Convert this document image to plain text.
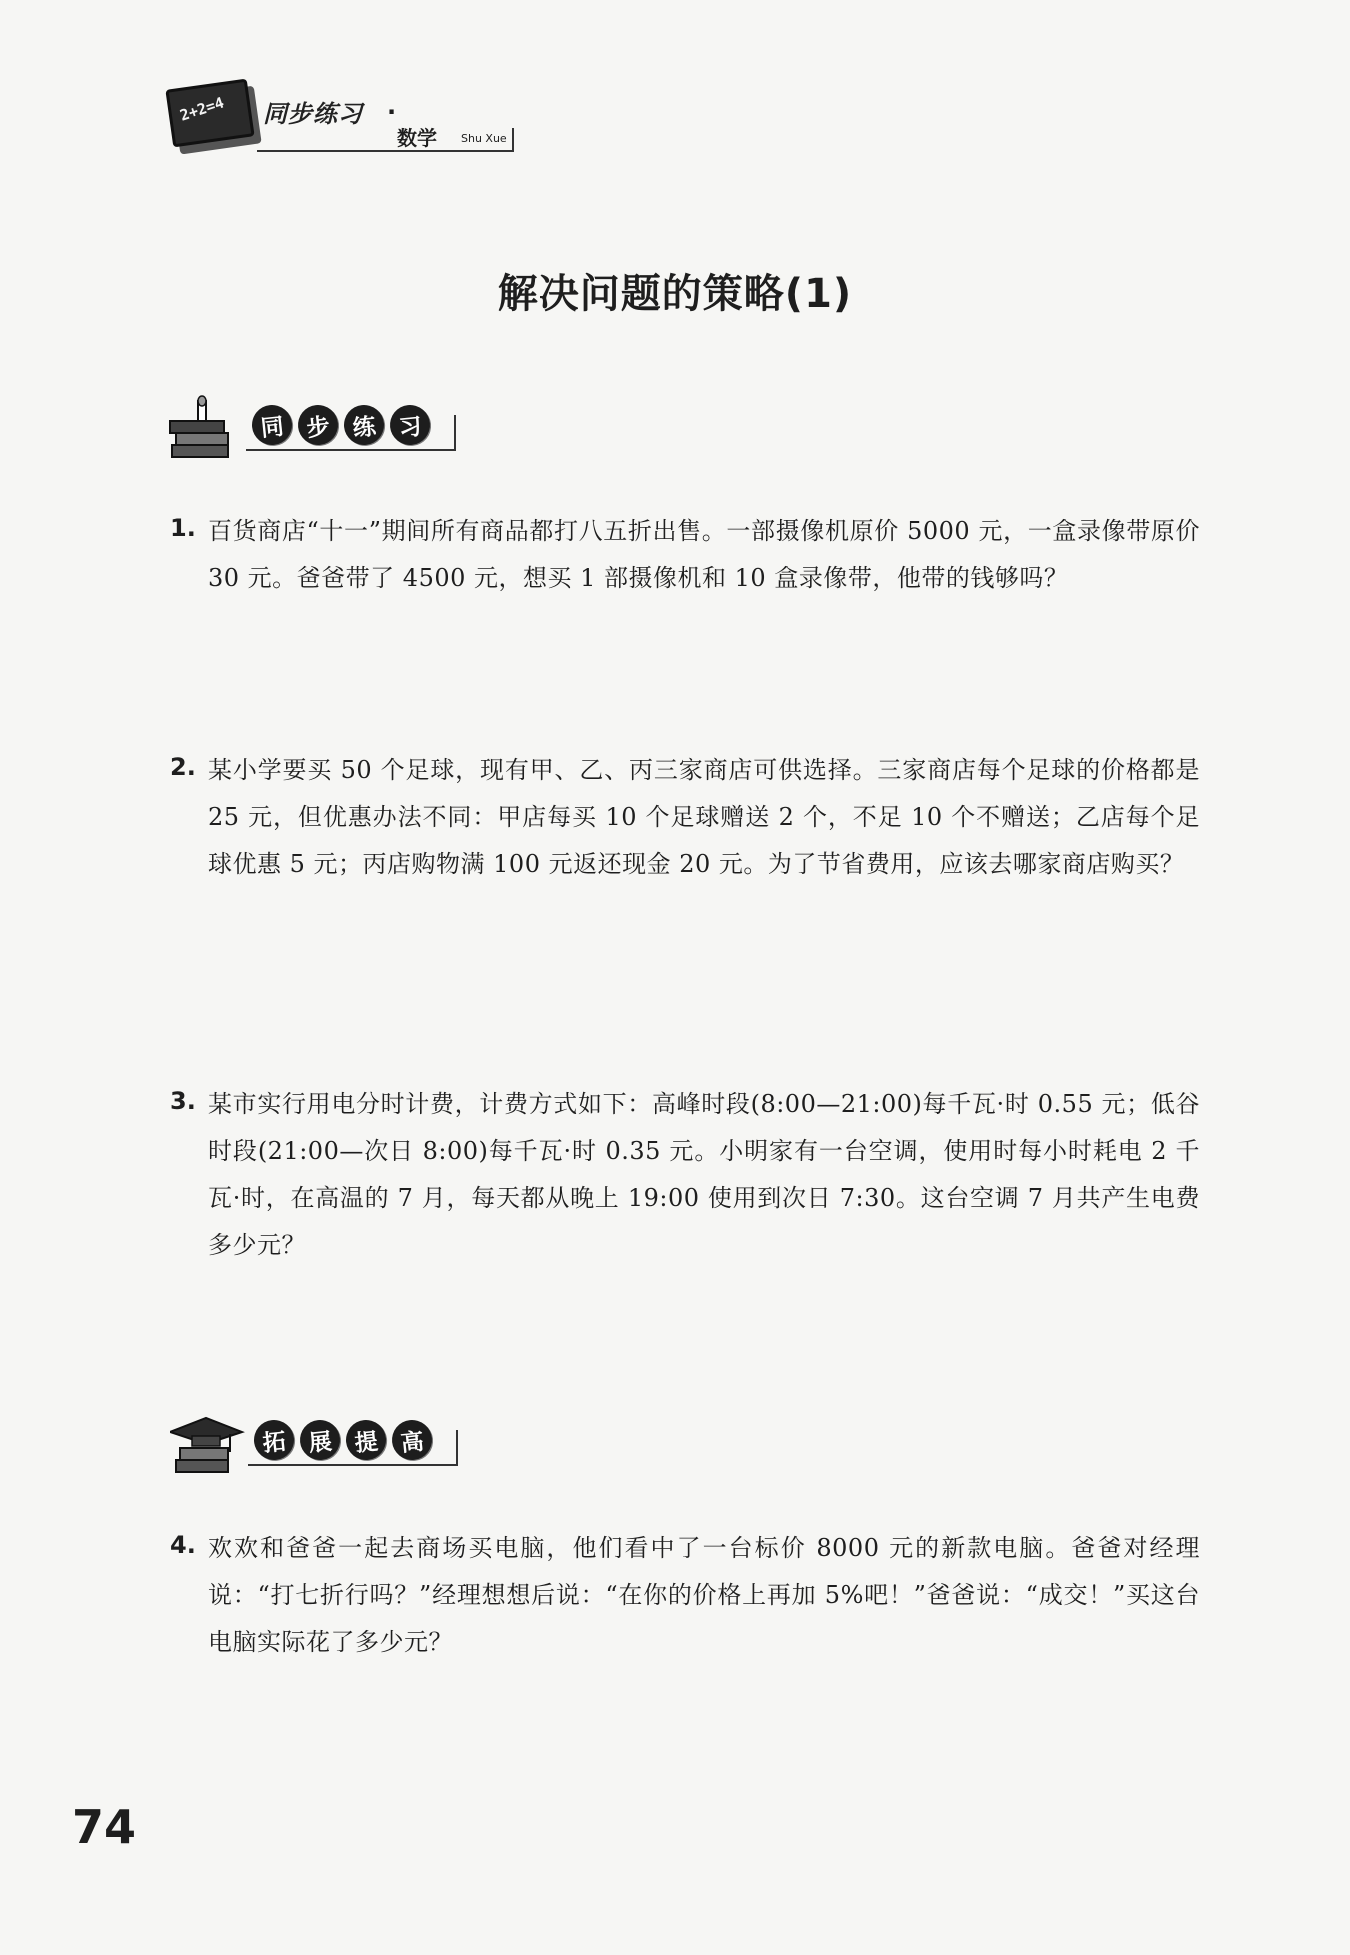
2+2=4 同步练习 ·
数学 Shu Xue
解决问题的策略(1)
同 步 练 习
1. 百货商店“十一”期间所有商品都打八五折出售。一部摄像机原价 5000 元，一盒录像带原价 30 元。爸爸带了 4500 元，想买 1 部摄像机和 10 盒录像带，他带的钱够吗？
2. 某小学要买 50 个足球，现有甲、乙、丙三家商店可供选择。三家商店每个足球的价格都是 25 元，但优惠办法不同：甲店每买 10 个足球赠送 2 个，不足 10 个不赠送；乙店每个足球优惠 5 元；丙店购物满 100 元返还现金 20 元。为了节省费用，应该去哪家商店购买？
3. 某市实行用电分时计费，计费方式如下：高峰时段(8:00—21:00)每千瓦·时 0.55 元；低谷时段(21:00—次日 8:00)每千瓦·时 0.35 元。小明家有一台空调，使用时每小时耗电 2 千瓦·时，在高温的 7 月，每天都从晚上 19:00 使用到次日 7:30。这台空调 7 月共产生电费多少元？
拓 展 提 高
4. 欢欢和爸爸一起去商场买电脑，他们看中了一台标价 8000 元的新款电脑。爸爸对经理说：“打七折行吗？”经理想想后说：“在你的价格上再加 5%吧！”爸爸说：“成交！”买这台电脑实际花了多少元？
74
